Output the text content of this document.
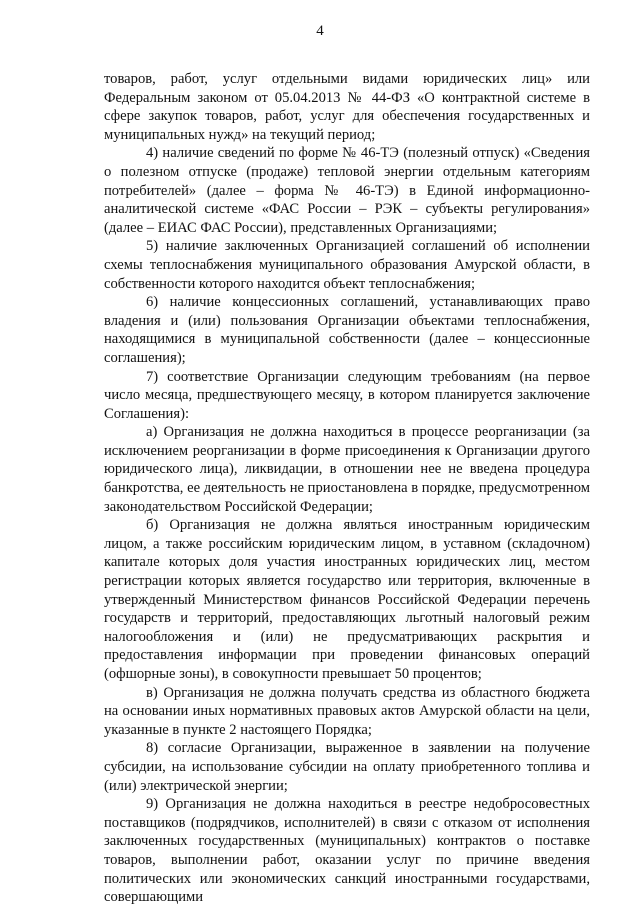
4

товаров, работ, услуг отдельными видами юридических лиц» или Федеральным законом от 05.04.2013 № 44-ФЗ «О контрактной системе в сфере закупок товаров, работ, услуг для обеспечения государственных и муниципальных нужд» на текущий период;

4) наличие сведений по форме № 46-ТЭ (полезный отпуск) «Сведения о полезном отпуске (продаже) тепловой энергии отдельным категориям потребителей» (далее – форма № 46-ТЭ) в Единой информационно-аналитической системе «ФАС России – РЭК – субъекты регулирования» (далее – ЕИАС ФАС России), представленных Организациями;

5) наличие заключенных Организацией соглашений об исполнении схемы теплоснабжения муниципального образования Амурской области, в собственности которого находится объект теплоснабжения;

6) наличие концессионных соглашений, устанавливающих право владения и (или) пользования Организации объектами теплоснабжения, находящимися в муниципальной собственности (далее – концессионные соглашения);

7) соответствие Организации следующим требованиям (на первое число месяца, предшествующего месяцу, в котором планируется заключение Соглашения):

а) Организация не должна находиться в процессе реорганизации (за исключением реорганизации в форме присоединения к Организации другого юридического лица), ликвидации, в отношении нее не введена процедура банкротства, ее деятельность не приостановлена в порядке, предусмотренном законодательством Российской Федерации;

б) Организация не должна являться иностранным юридическим лицом, а также российским юридическим лицом, в уставном (складочном) капитале которых доля участия иностранных юридических лиц, местом регистрации которых является государство или территория, включенные в утвержденный Министерством финансов Российской Федерации перечень государств и территорий, предоставляющих льготный налоговый режим налогообложения и (или) не предусматривающих раскрытия и предоставления информации при проведении финансовых операций (офшорные зоны), в совокупности превышает 50 процентов;

в) Организация не должна получать средства из областного бюджета на основании иных нормативных правовых актов Амурской области на цели, указанные в пункте 2 настоящего Порядка;

8) согласие Организации, выраженное в заявлении на получение субсидии, на использование субсидии на оплату приобретенного топлива и (или) электрической энергии;

9) Организация не должна находиться в реестре недобросовестных поставщиков (подрядчиков, исполнителей) в связи с отказом от исполнения заключенных государственных (муниципальных) контрактов о поставке товаров, выполнении работ, оказании услуг по причине введения политических или экономических санкций иностранными государствами, совершающими
